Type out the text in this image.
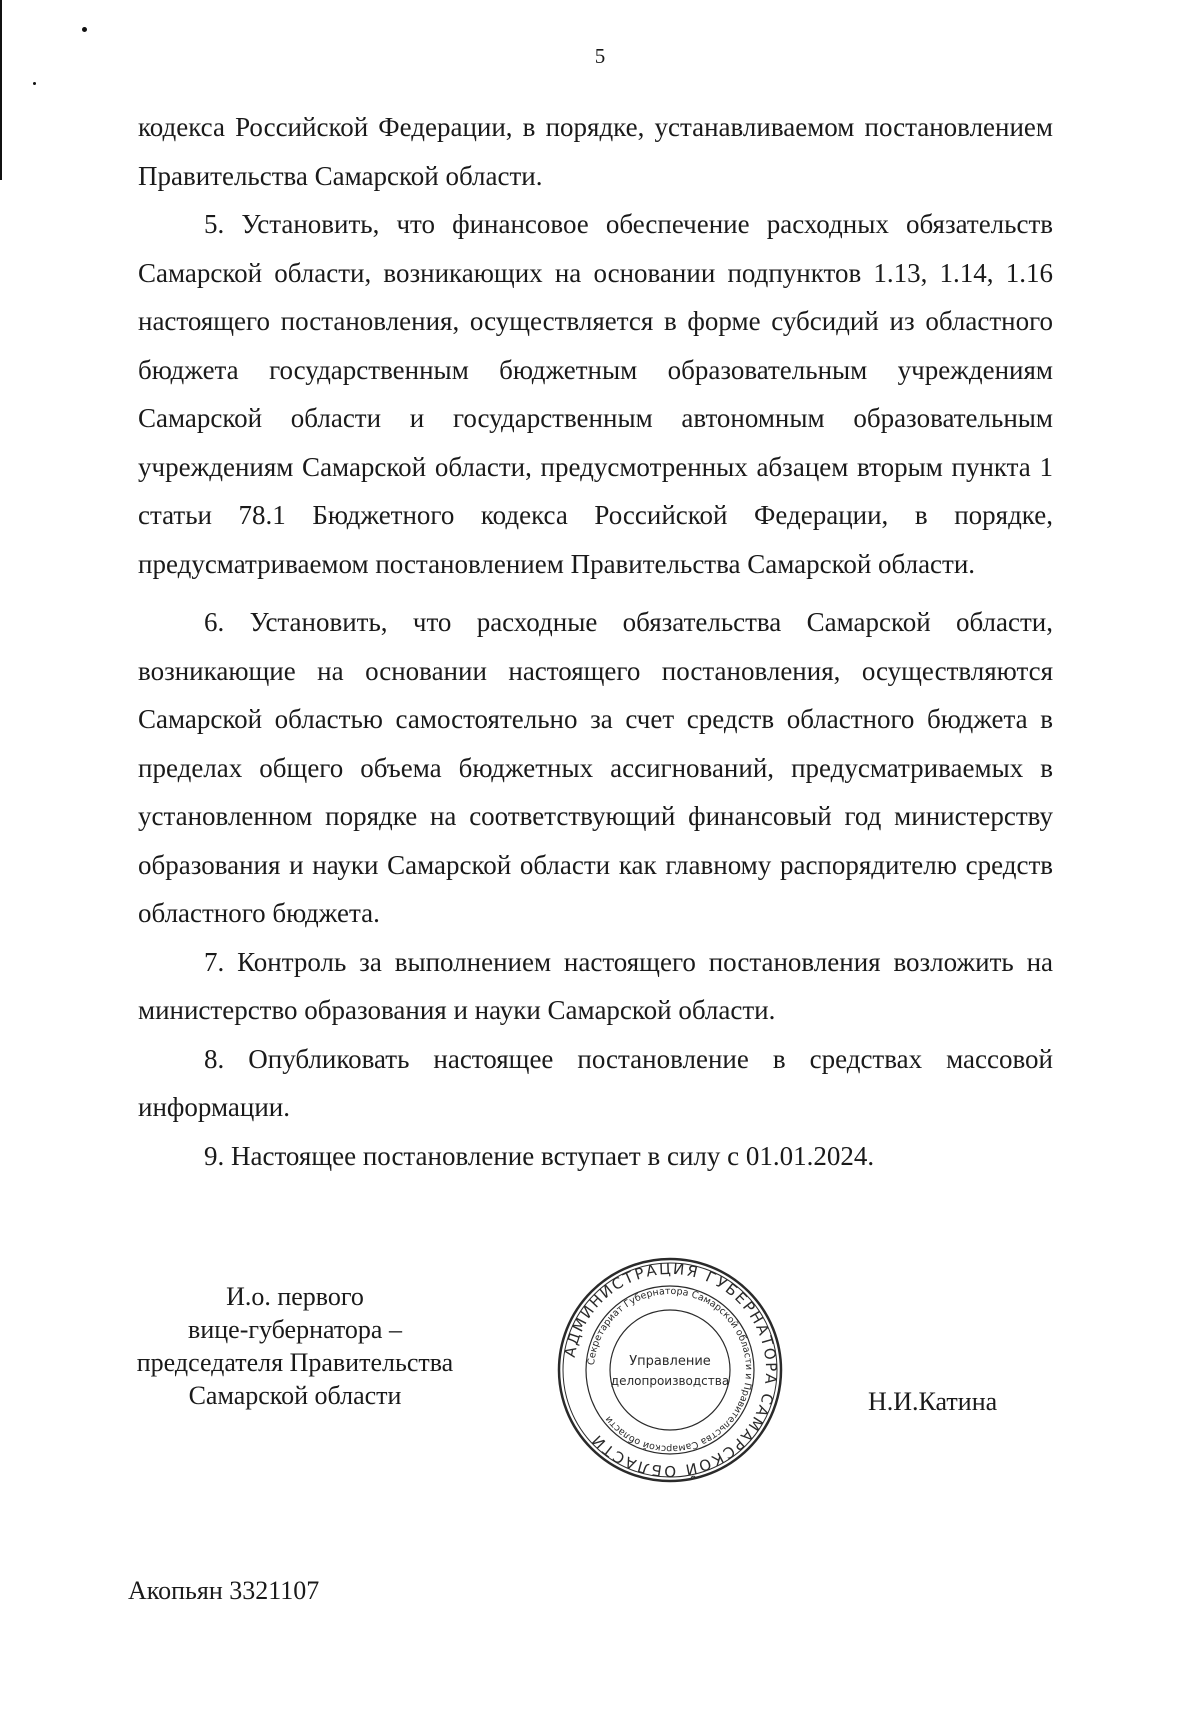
5

кодекса Российской Федерации, в порядке, устанавливаемом постановлением Правительства Самарской области.

5. Установить, что финансовое обеспечение расходных обязательств Самарской области, возникающих на основании подпунктов 1.13, 1.14, 1.16 настоящего постановления, осуществляется в форме субсидий из областного бюджета государственным бюджетным образовательным учреждениям Самарской области и государственным автономным образовательным учреждениям Самарской области, предусмотренных абзацем вторым пункта 1 статьи 78.1 Бюджетного кодекса Российской Федерации, в порядке, предусматриваемом постановлением Правительства Самарской области.

6. Установить, что расходные обязательства Самарской области, возникающие на основании настоящего постановления, осуществляются Самарской областью самостоятельно за счет средств областного бюджета в пределах общего объема бюджетных ассигнований, предусматриваемых в установленном порядке на соответствующий финансовый год министерству образования и науки Самарской области как главному распорядителю средств областного бюджета.

7. Контроль за выполнением настоящего постановления возложить на министерство образования и науки Самарской области.

8. Опубликовать настоящее постановление в средствах массовой информации.

9. Настоящее постановление вступает в силу с 01.01.2024.

И.о. первого
вице-губернатора –
председателя Правительства
Самарской области
АДМИНИСТРАЦИЯ ГУБЕРНАТОРА САМАРСКОЙ ОБЛАСТИ
Секретариат Губернатора Самарской области и Правительства Самарской области
Управление
делопроизводства
Н.И.Катина
Акопьян 3321107
